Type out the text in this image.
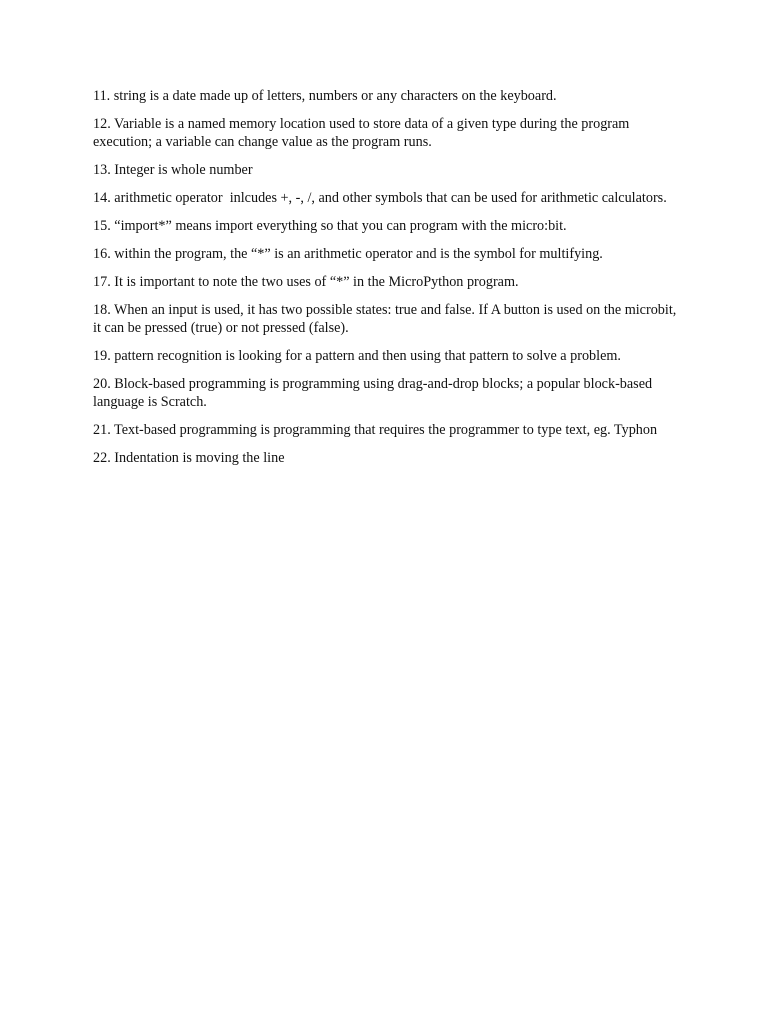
11. string is a date made up of letters, numbers or any characters on the keyboard.

12. Variable is a named memory location used to store data of a given type during the program execution; a variable can change value as the program runs.

13. Integer is whole number

14. arithmetic operator  inlcudes +, -, /, and other symbols that can be used for arithmetic calculators.

15. “import*” means import everything so that you can program with the micro:bit.

16. within the program, the “*” is an arithmetic operator and is the symbol for multifying.

17. It is important to note the two uses of “*” in the MicroPython program.

18. When an input is used, it has two possible states: true and false. If A button is used on the microbit, it can be pressed (true) or not pressed (false).

19. pattern recognition is looking for a pattern and then using that pattern to solve a problem.

20. Block-based programming is programming using drag-and-drop blocks; a popular block-based language is Scratch.

21. Text-based programming is programming that requires the programmer to type text, eg. Typhon

22. Indentation is moving the line
